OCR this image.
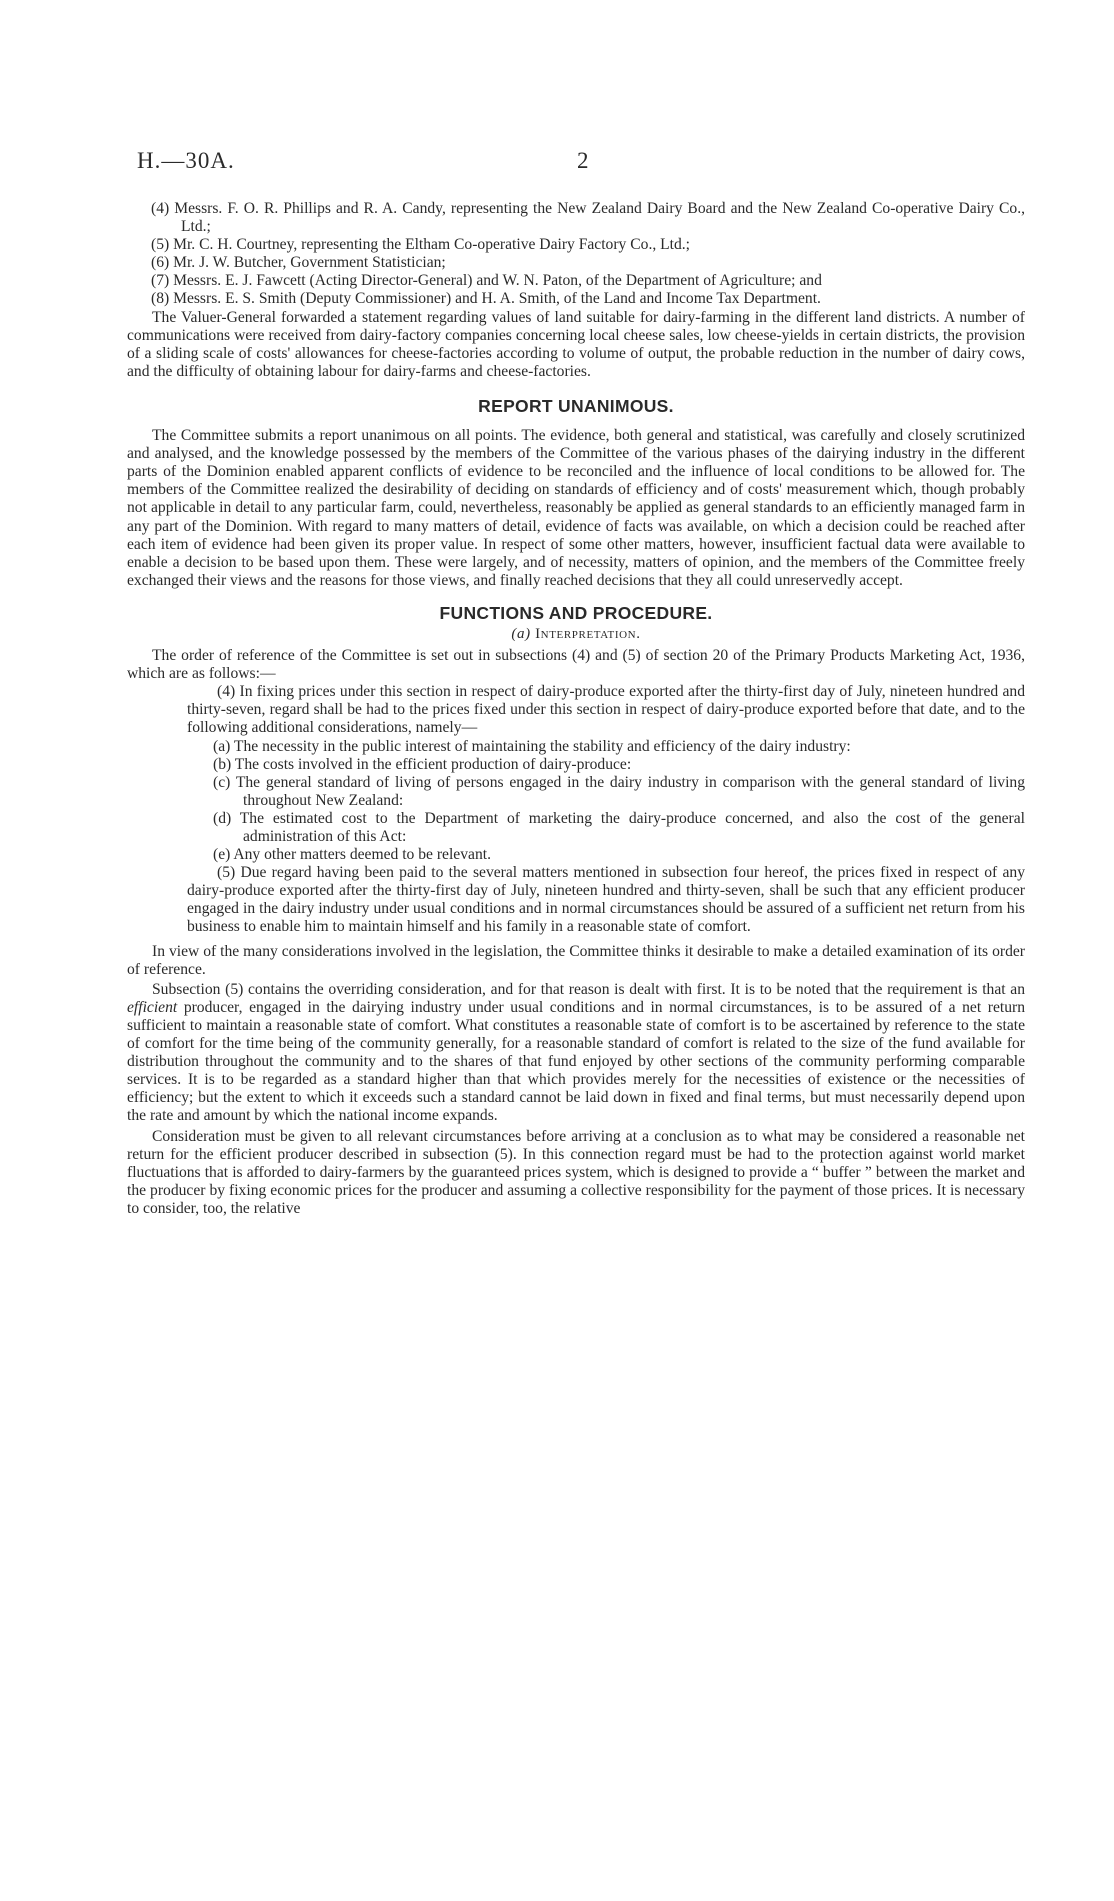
H.—30A.	2

(4) Messrs. F. O. R. Phillips and R. A. Candy, representing the New Zealand Dairy Board and the New Zealand Co-operative Dairy Co., Ltd.;

(5) Mr. C. H. Courtney, representing the Eltham Co-operative Dairy Factory Co., Ltd.;

(6) Mr. J. W. Butcher, Government Statistician;

(7) Messrs. E. J. Fawcett (Acting Director-General) and W. N. Paton, of the Department of Agriculture; and

(8) Messrs. E. S. Smith (Deputy Commissioner) and H. A. Smith, of the Land and Income Tax Department.

The Valuer-General forwarded a statement regarding values of land suitable for dairy-farming in the different land districts. A number of communications were received from dairy-factory companies concerning local cheese sales, low cheese-yields in certain districts, the provision of a sliding scale of costs' allowances for cheese-factories according to volume of output, the probable reduction in the number of dairy cows, and the difficulty of obtaining labour for dairy-farms and cheese-factories.

REPORT UNANIMOUS.

The Committee submits a report unanimous on all points. The evidence, both general and statistical, was carefully and closely scrutinized and analysed, and the knowledge possessed by the members of the Committee of the various phases of the dairying industry in the different parts of the Dominion enabled apparent conflicts of evidence to be reconciled and the influence of local conditions to be allowed for. The members of the Committee realized the desirability of deciding on standards of efficiency and of costs' measurement which, though probably not applicable in detail to any particular farm, could, nevertheless, reasonably be applied as general standards to an efficiently managed farm in any part of the Dominion. With regard to many matters of detail, evidence of facts was available, on which a decision could be reached after each item of evidence had been given its proper value. In respect of some other matters, however, insufficient factual data were available to enable a decision to be based upon them. These were largely, and of necessity, matters of opinion, and the members of the Committee freely exchanged their views and the reasons for those views, and finally reached decisions that they all could unreservedly accept.

FUNCTIONS AND PROCEDURE.
(a) Interpretation.

The order of reference of the Committee is set out in subsections (4) and (5) of section 20 of the Primary Products Marketing Act, 1936, which are as follows:—

(4) In fixing prices under this section in respect of dairy-produce exported after the thirty-first day of July, nineteen hundred and thirty-seven, regard shall be had to the prices fixed under this section in respect of dairy-produce exported before that date, and to the following additional considerations, namely—

(a) The necessity in the public interest of maintaining the stability and efficiency of the dairy industry:

(b) The costs involved in the efficient production of dairy-produce:

(c) The general standard of living of persons engaged in the dairy industry in comparison with the general standard of living throughout New Zealand:

(d) The estimated cost to the Department of marketing the dairy-produce concerned, and also the cost of the general administration of this Act:

(e) Any other matters deemed to be relevant.

(5) Due regard having been paid to the several matters mentioned in subsection four hereof, the prices fixed in respect of any dairy-produce exported after the thirty-first day of July, nineteen hundred and thirty-seven, shall be such that any efficient producer engaged in the dairy industry under usual conditions and in normal circumstances should be assured of a sufficient net return from his business to enable him to maintain himself and his family in a reasonable state of comfort.

In view of the many considerations involved in the legislation, the Committee thinks it desirable to make a detailed examination of its order of reference.

Subsection (5) contains the overriding consideration, and for that reason is dealt with first. It is to be noted that the requirement is that an efficient producer, engaged in the dairying industry under usual conditions and in normal circumstances, is to be assured of a net return sufficient to maintain a reasonable state of comfort. What constitutes a reasonable state of comfort is to be ascertained by reference to the state of comfort for the time being of the community generally, for a reasonable standard of comfort is related to the size of the fund available for distribution throughout the community and to the shares of that fund enjoyed by other sections of the community performing comparable services. It is to be regarded as a standard higher than that which provides merely for the necessities of existence or the necessities of efficiency; but the extent to which it exceeds such a standard cannot be laid down in fixed and final terms, but must necessarily depend upon the rate and amount by which the national income expands.

Consideration must be given to all relevant circumstances before arriving at a conclusion as to what may be considered a reasonable net return for the efficient producer described in subsection (5). In this connection regard must be had to the protection against world market fluctuations that is afforded to dairy-farmers by the guaranteed prices system, which is designed to provide a “ buffer ” between the market and the producer by fixing economic prices for the producer and assuming a collective responsibility for the payment of those prices. It is necessary to consider, too, the relative
